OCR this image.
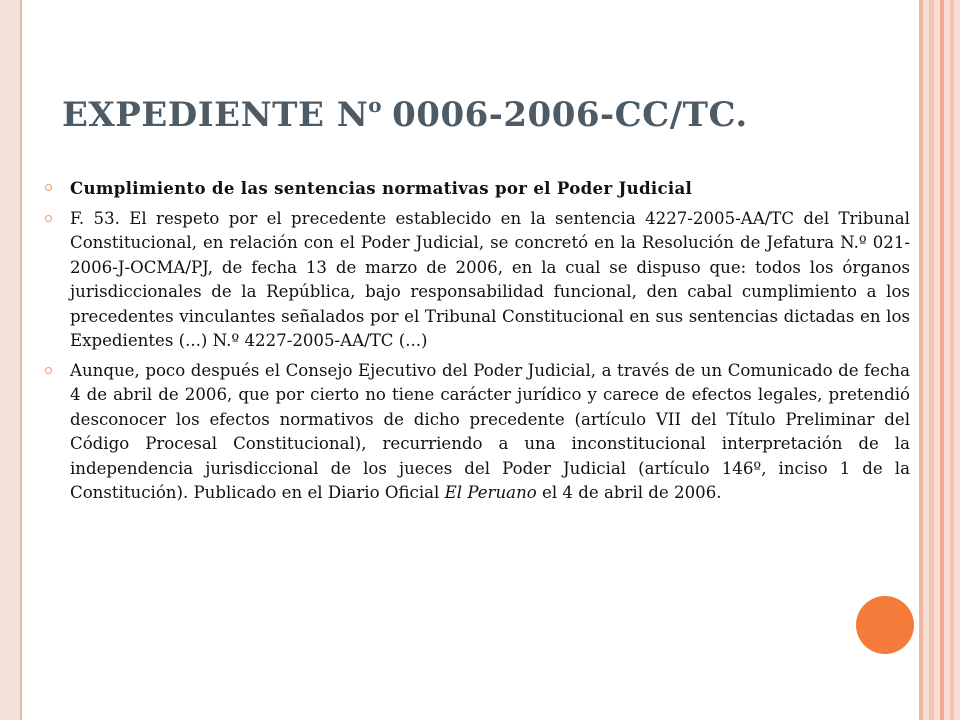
EXPEDIENTE $N^o$ 0006-2006-CC/TC.

Cumplimiento de las sentencias normativas por el Poder Judicial

F. 53. El respeto por el precedente establecido en la sentencia 4227-2005-AA/TC del Tribunal Constitucional, en relación con el Poder Judicial, se concretó en la Resolución de Jefatura N.º 021-2006-J-OCMA/PJ, de fecha 13 de marzo de 2006, en la cual se dispuso que: todos los órganos jurisdiccionales de la República, bajo responsabilidad funcional, den cabal cumplimiento a los precedentes vinculantes señalados por el Tribunal Constitucional en sus sentencias dictadas en los Expedientes (...) N.º 4227-2005-AA/TC (...)

Aunque, poco después el Consejo Ejecutivo del Poder Judicial, a través de un Comunicado de fecha 4 de abril de 2006, que por cierto no tiene carácter jurídico y carece de efectos legales, pretendió desconocer los efectos normativos de dicho precedente (artículo VII del Título Preliminar del Código Procesal Constitucional), recurriendo a una inconstitucional interpretación de la independencia jurisdiccional de los jueces del Poder Judicial (artículo 146º, inciso 1 de la Constitución). Publicado en el Diario Oficial El Peruano el 4 de abril de 2006.
